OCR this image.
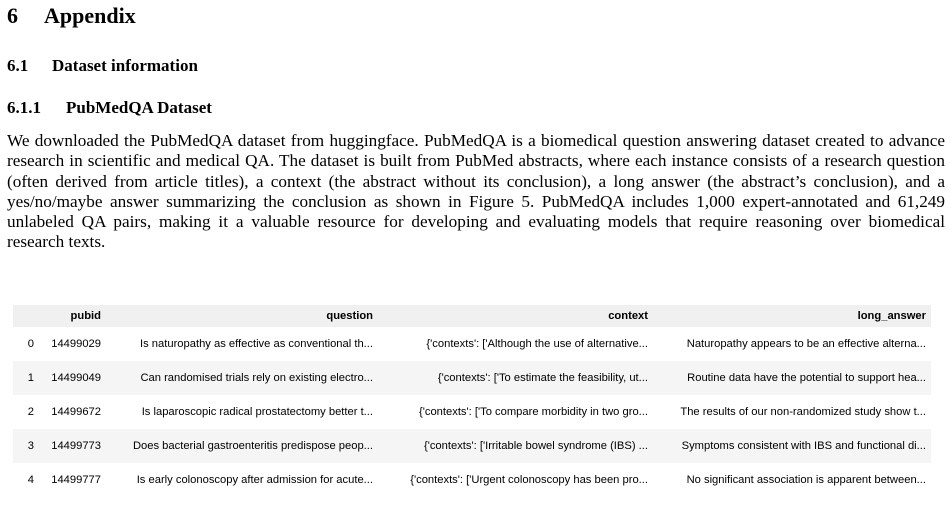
6 Appendix
6.1 Dataset information
6.1.1 PubMedQA Dataset

We downloaded the PubMedQA dataset from huggingface. PubMedQA is a biomedical question answering dataset created to advance research in scientific and medical QA. The dataset is built from PubMed abstracts, where each instance consists of a research question (often derived from article titles), a context (the abstract without its conclusion), a long answer (the abstract’s conclusion), and a yes/no/maybe answer summarizing the conclusion as shown in Figure 5. PubMedQA includes 1,000 expert-annotated and 61,249 unlabeled QA pairs, making it a valuable resource for developing and evaluating models that require reasoning over biomedical research texts.

	pubid	question	context	long_answer
0	14499029	Is naturopathy as effective as conventional th...	{'contexts': ['Although the use of alternative...	Naturopathy appears to be an effective alterna...
1	14499049	Can randomised trials rely on existing electro...	{'contexts': ['To estimate the feasibility, ut...	Routine data have the potential to support hea...
2	14499672	Is laparoscopic radical prostatectomy better t...	{'contexts': ['To compare morbidity in two gro...	The results of our non-randomized study show t...
3	14499773	Does bacterial gastroenteritis predispose peop...	{'contexts': ['Irritable bowel syndrome (IBS) ...	Symptoms consistent with IBS and functional di...
4	14499777	Is early colonoscopy after admission for acute...	{'contexts': ['Urgent colonoscopy has been pro...	No significant association is apparent between...
